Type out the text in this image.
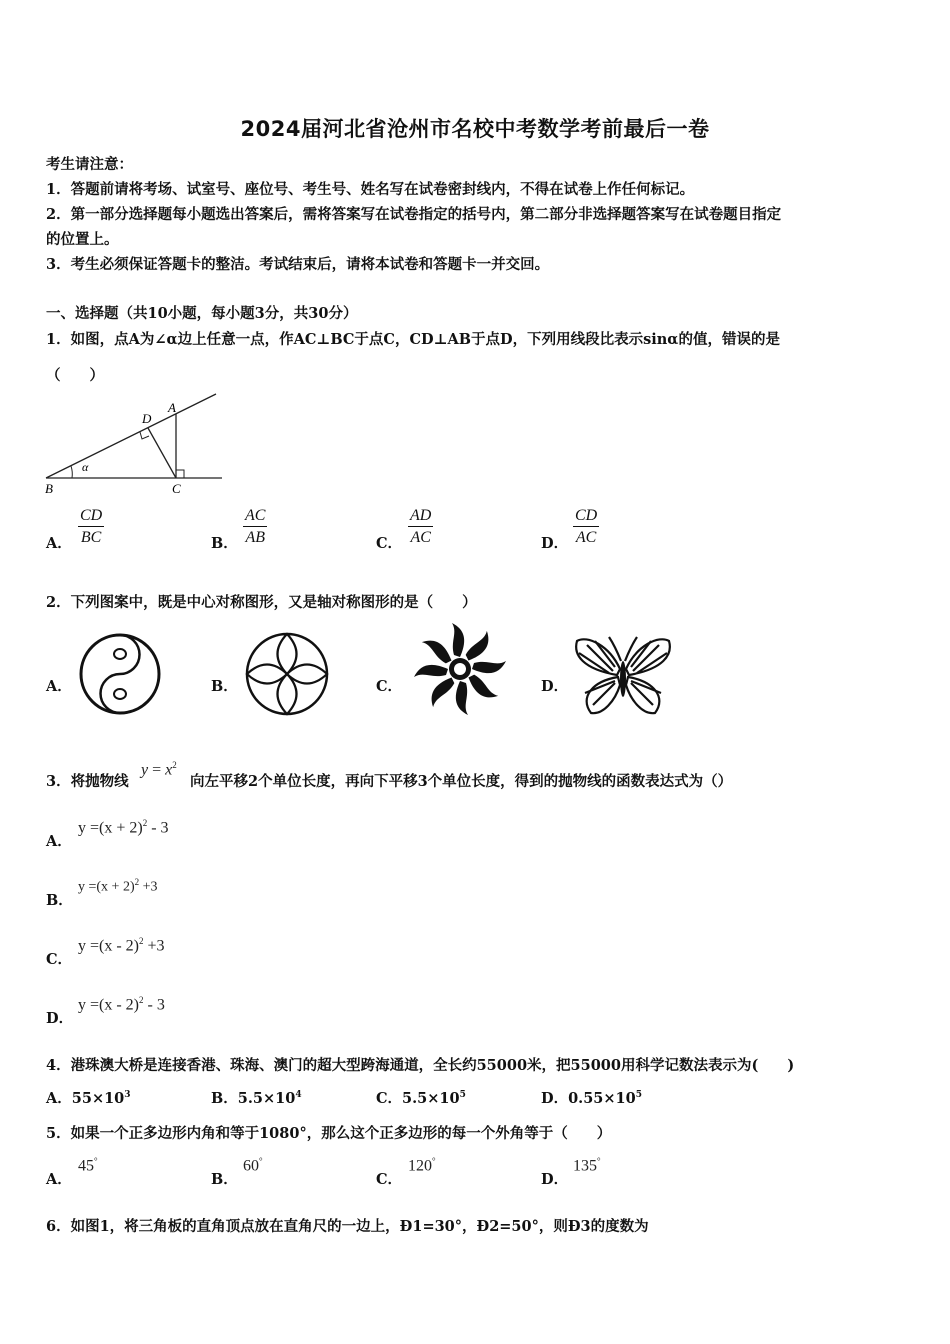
2024届河北省沧州市名校中考数学考前最后一卷
考生请注意：
1．答题前请将考场、试室号、座位号、考生号、姓名写在试卷密封线内，不得在试卷上作任何标记。
2．第一部分选择题每小题选出答案后，需将答案写在试卷指定的括号内，第二部分非选择题答案写在试卷题目指定
的位置上。
3．考生必须保证答题卡的整洁。考试结束后，请将本试卷和答题卡一并交回。
一、选择题（共10小题，每小题3分，共30分）
1．如图，点A为∠α边上任意一点，作AC⊥BC于点C，CD⊥AB于点D，下列用线段比表示sinα的值，错误的是
（　　）
A
D
B	C
α
A． $\frac{CD}{BC}$	B． $\frac{AC}{AB}$	C． $\frac{AD}{AC}$	D． $\frac{CD}{AC}$
2．下列图案中，既是中心对称图形，又是轴对称图形的是（　　）
A．	B．	C．	D．
3．将抛物线
$y = x^2$
向左平移2个单位长度，再向下平移3个单位长度，得到的抛物线的函数表达式为（）
A．
$y =(x + 2)^2 - 3$
B．
$y =(x + 2)^2 +3$
C．
y =(x - 2)$^2$ +3
D．
y =(x - 2)$^2$ - 3
4．港珠澳大桥是连接香港、珠海、澳门的超大型跨海通道，全长约55000米，把55000用科学记数法表示为(　　)
A．$55\times 10^3$	B．$5.5\times 10^4$	C．$5.5\times 10^5$	D．$0.55\times 10^5$
5．如果一个正多边形内角和等于1080°，那么这个正多边形的每一个外角等于（　　）
A．
45°
B．
60°
C．
120°
D．
135°
6．如图1，将三角板的直角顶点放在直角尺的一边上，Ð1=30°，Ð2=50°，则Ð3的度数为
